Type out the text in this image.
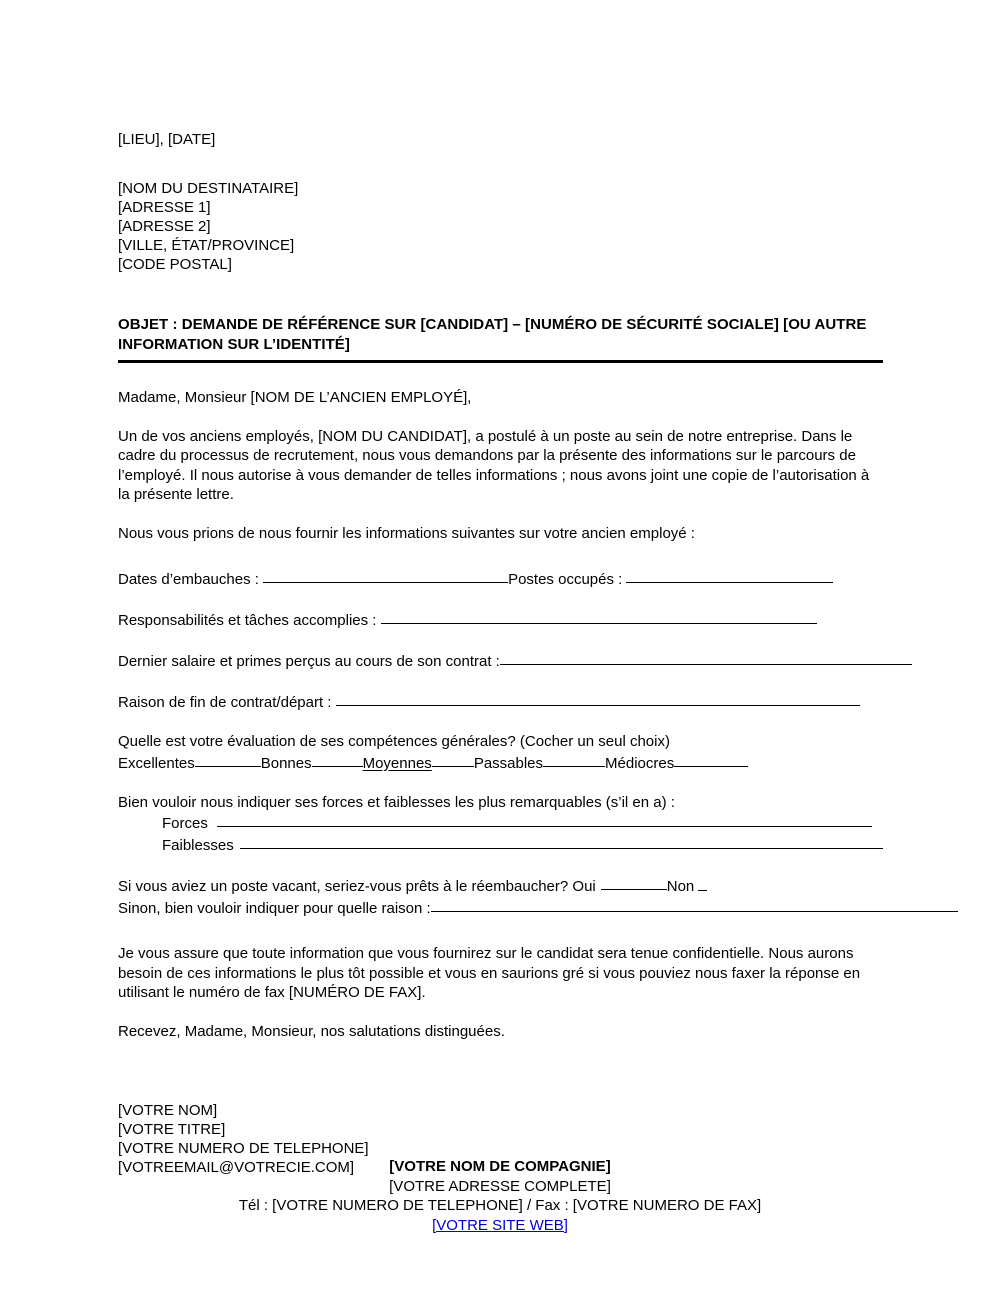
[LIEU], [DATE]
[NOM DU DESTINATAIRE]
[ADRESSE 1]
[ADRESSE 2]
[VILLE, ÉTAT/PROVINCE]
[CODE POSTAL]
OBJET : DEMANDE DE RÉFÉRENCE SUR [CANDIDAT] – [NUMÉRO DE SÉCURITÉ SOCIALE] [OU AUTRE INFORMATION SUR L’IDENTITÉ]
Madame, Monsieur [NOM DE L’ANCIEN EMPLOYÉ],
Un de vos anciens employés, [NOM DU CANDIDAT], a postulé à un poste au sein de notre entreprise. Dans le cadre du processus de recrutement, nous vous demandons par la présente des informations sur le parcours de l’employé. Il nous autorise à vous demander de telles informations ; nous avons joint une copie de l’autorisation à la présente lettre.
Nous vous prions de nous fournir les informations suivantes sur votre ancien employé :
Dates d’embauches :	Postes occupés :
Responsabilités et tâches accomplies :
Dernier salaire et primes perçus au cours de son contrat :
Raison de fin de contrat/départ :
Quelle est votre évaluation de ses compétences générales? (Cocher un seul choix)
Excellentes	Bonnes	Moyennes	Passables	Médiocres
Bien vouloir nous indiquer ses forces et faiblesses les plus remarquables (s’il en a) :
Forces
Faiblesses
Si vous aviez un poste vacant, seriez-vous prêts à le réembaucher? Oui	Non
Sinon, bien vouloir indiquer pour quelle raison :
Je vous assure que toute information que vous fournirez sur le candidat sera tenue confidentielle. Nous aurons besoin de ces informations le plus tôt possible et vous en saurions gré si vous pouviez nous faxer la réponse en utilisant le numéro de fax [NUMÉRO DE FAX].
Recevez, Madame, Monsieur, nos salutations distinguées.
[VOTRE NOM]
[VOTRE TITRE]
[VOTRE NUMERO DE TELEPHONE]
[VOTREEMAIL@VOTRECIE.COM]	[VOTRE NOM DE COMPAGNIE]
[VOTRE ADRESSE COMPLETE]
Tél : [VOTRE NUMERO DE TELEPHONE] / Fax : [VOTRE NUMERO DE FAX]
[VOTRE SITE WEB]
